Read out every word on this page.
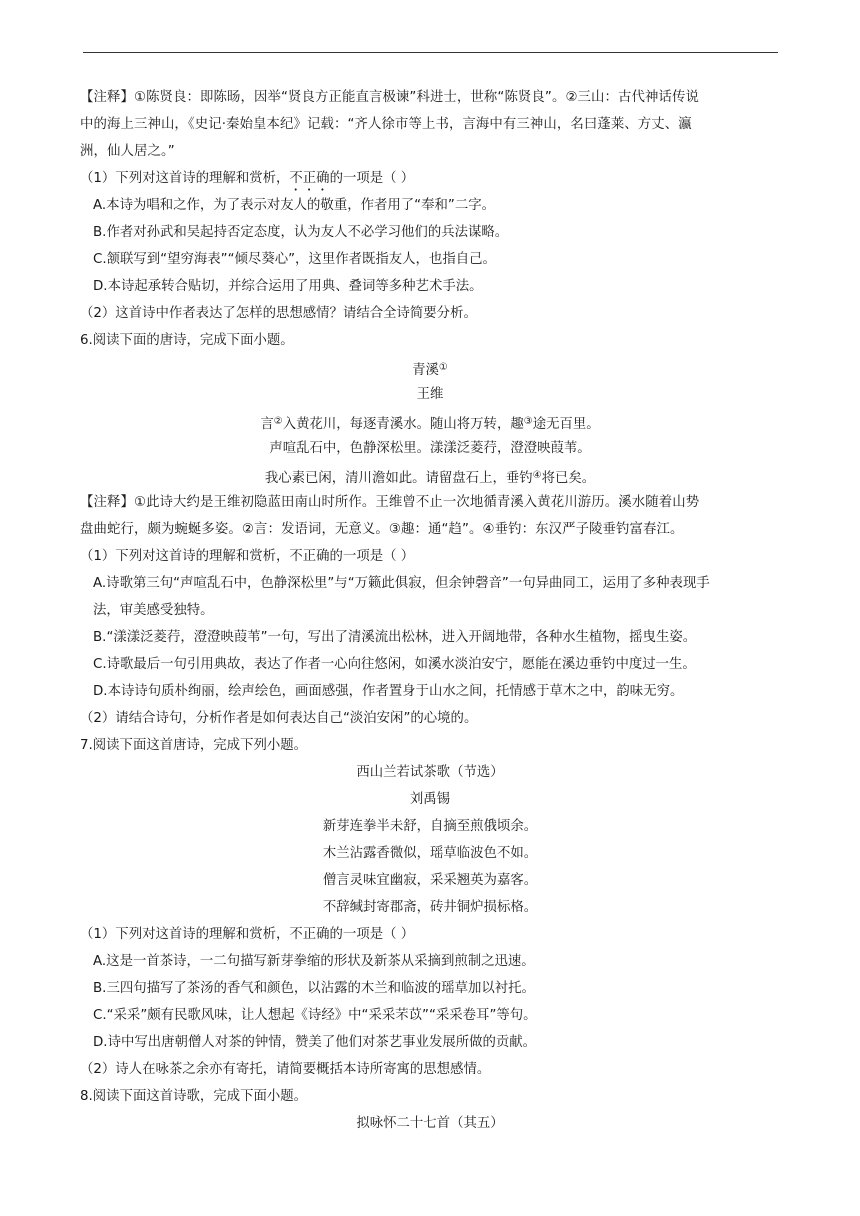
【注释】①陈贤良：即陈旸，因举“贤良方正能直言极谏”科进士，世称“陈贤良”。②三山：古代神话传说
中的海上三神山，《史记·秦始皇本纪》记载：“齐人徐市等上书，言海中有三神山，名曰蓬莱、方丈、瀛
洲，仙人居之。”
（1）下列对这首诗的理解和赏析，不正确的一项是（ ）
A.本诗为唱和之作，为了表示对友人的敬重，作者用了“奉和”二字。
B.作者对孙武和吴起持否定态度，认为友人不必学习他们的兵法谋略。
C.颔联写到“望穷海表”“倾尽葵心”，这里作者既指友人，也指自己。
D.本诗起承转合贴切，并综合运用了用典、叠词等多种艺术手法。
（2）这首诗中作者表达了怎样的思想感情？请结合全诗简要分析。
6.阅读下面的唐诗，完成下面小题。
青溪①
王维
言②入黄花川，每逐青溪水。随山将万转，趣③途无百里。
声喧乱石中，色静深松里。漾漾泛菱荇，澄澄映葭苇。
我心素已闲，清川澹如此。请留盘石上，垂钓④将已矣。
【注释】①此诗大约是王维初隐蓝田南山时所作。王维曾不止一次地循青溪入黄花川游历。溪水随着山势
盘曲蛇行，颇为蜿蜒多姿。②言：发语词，无意义。③趣：通“趋”。④垂钓：东汉严子陵垂钓富春江。
（1）下列对这首诗的理解和赏析，不正确的一项是（ ）
A.诗歌第三句“声喧乱石中，色静深松里”与“万籁此俱寂，但余钟磬音”一句异曲同工，运用了多种表现手
法，审美感受独特。
B.“漾漾泛菱荇，澄澄映葭苇”一句，写出了清溪流出松林，进入开阔地带，各种水生植物，摇曳生姿。
C.诗歌最后一句引用典故，表达了作者一心向往悠闲，如溪水淡泊安宁，愿能在溪边垂钓中度过一生。
D.本诗诗句质朴绚丽，绘声绘色，画面感强，作者置身于山水之间，托情感于草木之中，韵味无穷。
（2）请结合诗句，分析作者是如何表达自己“淡泊安闲”的心境的。
7.阅读下面这首唐诗，完成下列小题。
西山兰若试茶歌（节选）
刘禹锡
新芽连拳半未舒，自摘至煎俄顷余。
木兰沾露香微似，瑶草临波色不如。
僧言灵味宜幽寂，采采翘英为嘉客。
不辞缄封寄郡斋，砖井铜炉损标格。
（1）下列对这首诗的理解和赏析，不正确的一项是（ ）
A.这是一首茶诗，一二句描写新芽拳缩的形状及新茶从采摘到煎制之迅速。
B.三四句描写了茶汤的香气和颜色，以沾露的木兰和临波的瑶草加以衬托。
C.“采采”颇有民歌风味，让人想起《诗经》中“采采芣苡”“采采卷耳”等句。
D.诗中写出唐朝僧人对茶的钟情，赞美了他们对茶艺事业发展所做的贡献。
（2）诗人在咏茶之余亦有寄托，请简要概括本诗所寄寓的思想感情。
8.阅读下面这首诗歌，完成下面小题。
拟咏怀二十七首（其五）
